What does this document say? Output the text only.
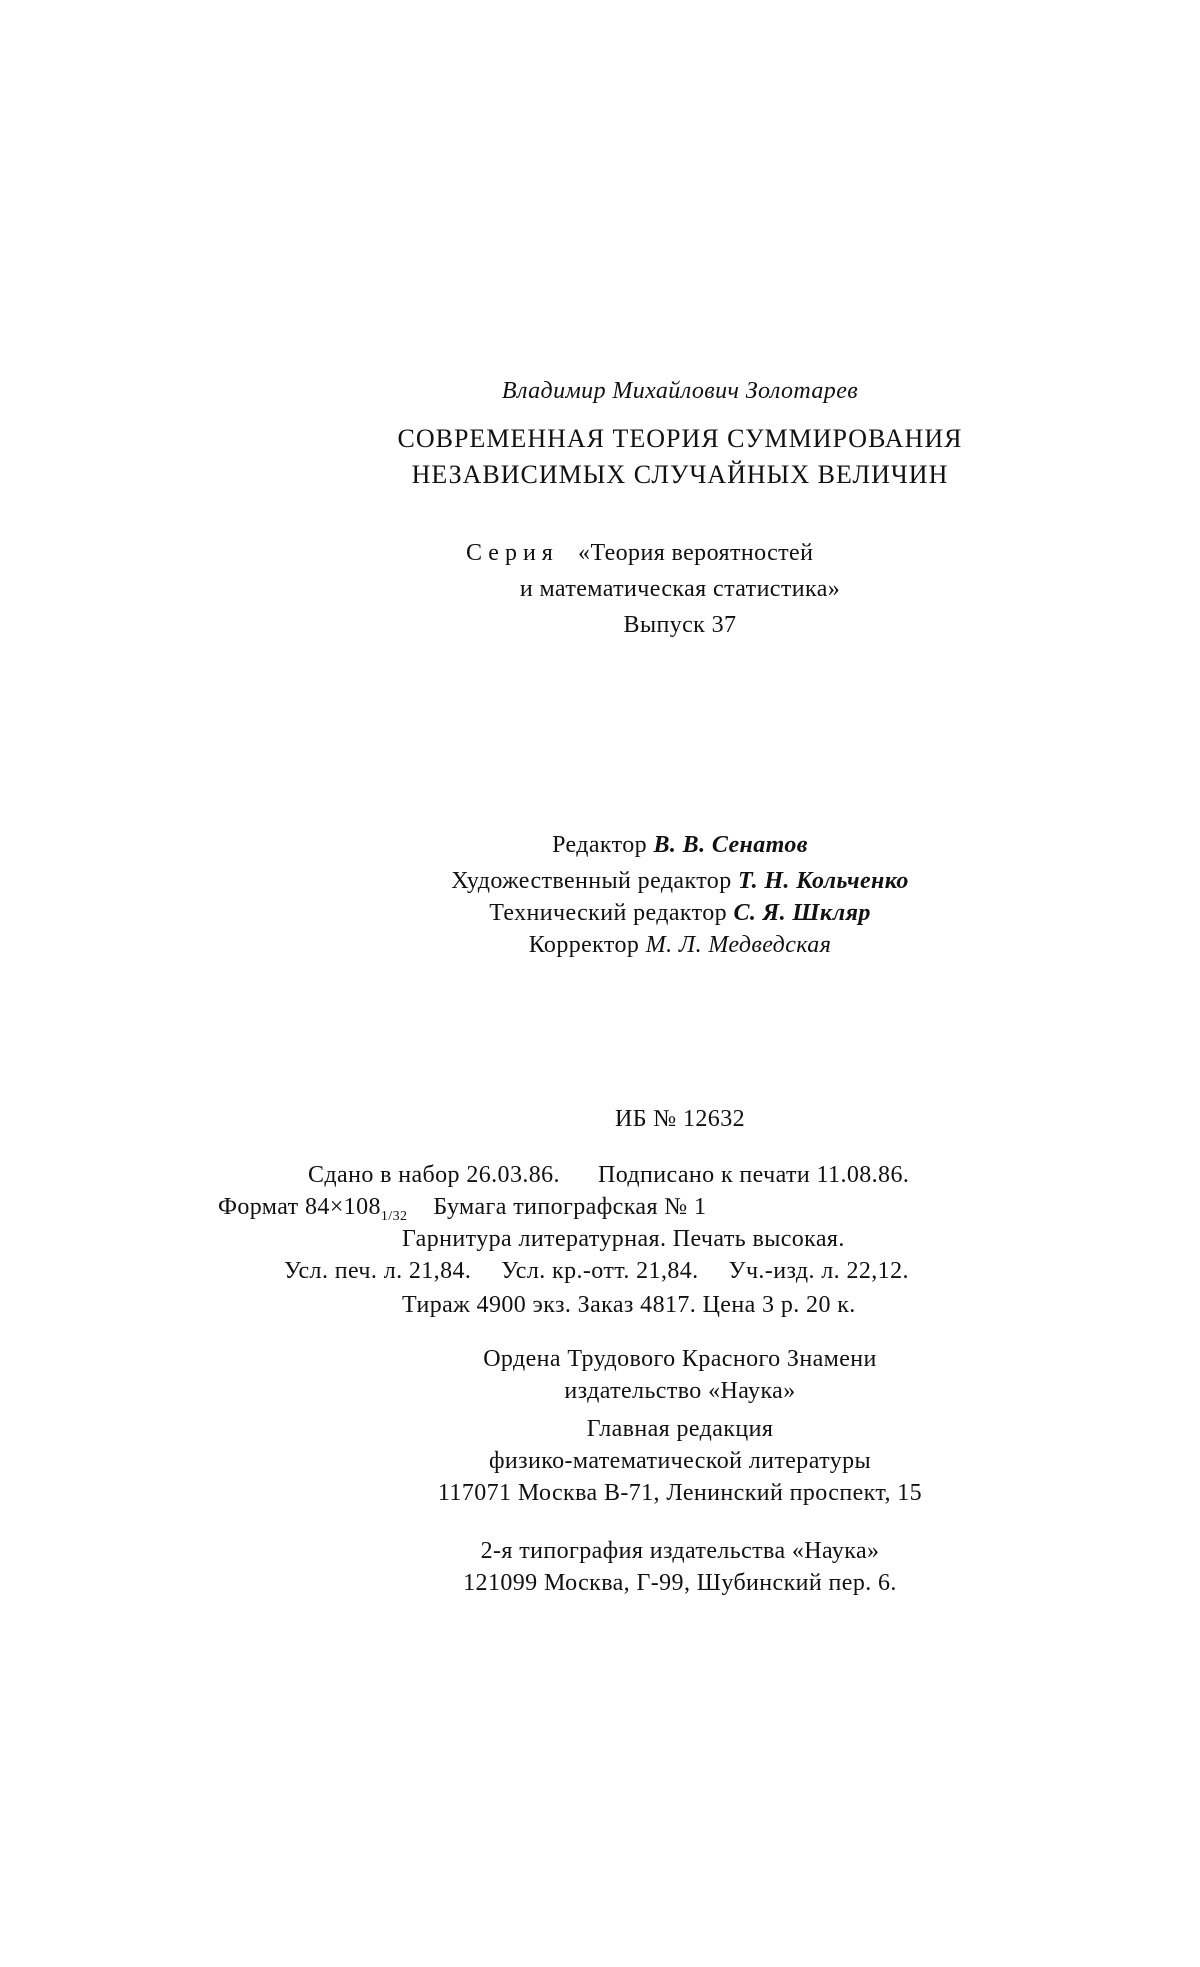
Владимир Михайлович Золотарев
СОВРЕМЕННАЯ ТЕОРИЯ СУММИРОВАНИЯ
НЕЗАВИСИМЫХ СЛУЧАЙНЫХ ВЕЛИЧИН
Серия «Теория вероятностей
и математическая статистика»
Выпуск 37
Редактор В. В. Сенатов
Художественный редактор Т. Н. Кольченко
Технический редактор С. Я. Шкляр
Корректор М. Л. Медведская
ИБ № 12632
Сдано в набор 26.03.86. Подписано к печати 11.08.86.
Формат $84\times 108_{1/32}$ Бумага типографская № 1
Гарнитура литературная. Печать высокая.
Усл. печ. л. 21,84. Усл. кр.-отт. 21,84. Уч.-изд. л. 22,12.
Тираж 4900 экз. Заказ 4817. Цена 3 р. 20 к.
Ордена Трудового Красного Знамени
издательство «Наука»
Главная редакция
физико-математической литературы
117071 Москва В-71, Ленинский проспект, 15
2-я типография издательства «Наука»
121099 Москва, Г-99, Шубинский пер. 6.
